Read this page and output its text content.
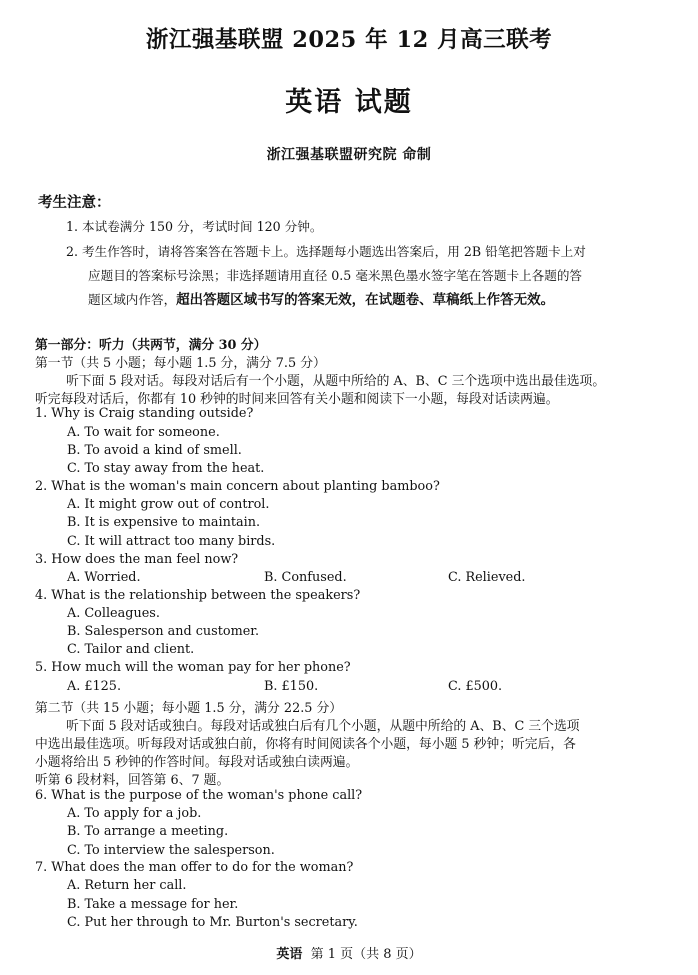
浙江强基联盟 2025 年 12 月高三联考
英语 试题
浙江强基联盟研究院 命制
考生注意：
1. 本试卷满分 150 分，考试时间 120 分钟。
2. 考生作答时，请将答案答在答题卡上。选择题每小题选出答案后，用 2B 铅笔把答题卡上对
应题目的答案标号涂黑；非选择题请用直径 0.5 毫米黑色墨水签字笔在答题卡上各题的答
题区域内作答，超出答题区域书写的答案无效，在试题卷、草稿纸上作答无效。
第一部分：听力（共两节，满分 30 分）
第一节（共 5 小题；每小题 1.5 分，满分 7.5 分）
听下面 5 段对话。每段对话后有一个小题，从题中所给的 A、B、C 三个选项中选出最佳选项。
听完每段对话后，你都有 10 秒钟的时间来回答有关小题和阅读下一小题，每段对话读两遍。
1. Why is Craig standing outside?
A. To wait for someone.
B. To avoid a kind of smell.
C. To stay away from the heat.
2. What is the woman's main concern about planting bamboo?
A. It might grow out of control.
B. It is expensive to maintain.
C. It will attract too many birds.
3. How does the man feel now?
A. Worried.	B. Confused.	C. Relieved.
4. What is the relationship between the speakers?
A. Colleagues.
B. Salesperson and customer.
C. Tailor and client.
5. How much will the woman pay for her phone?
A. £125.	B. £150.	C. £500.
第二节（共 15 小题；每小题 1.5 分，满分 22.5 分）
听下面 5 段对话或独白。每段对话或独白后有几个小题，从题中所给的 A、B、C 三个选项
中选出最佳选项。听每段对话或独白前，你将有时间阅读各个小题，每小题 5 秒钟；听完后，各
小题将给出 5 秒钟的作答时间。每段对话或独白读两遍。
听第 6 段材料，回答第 6、7 题。
6. What is the purpose of the woman's phone call?
A. To apply for a job.
B. To arrange a meeting.
C. To interview the salesperson.
7. What does the man offer to do for the woman?
A. Return her call.
B. Take a message for her.
C. Put her through to Mr. Burton's secretary.
英语 第 1 页（共 8 页）
